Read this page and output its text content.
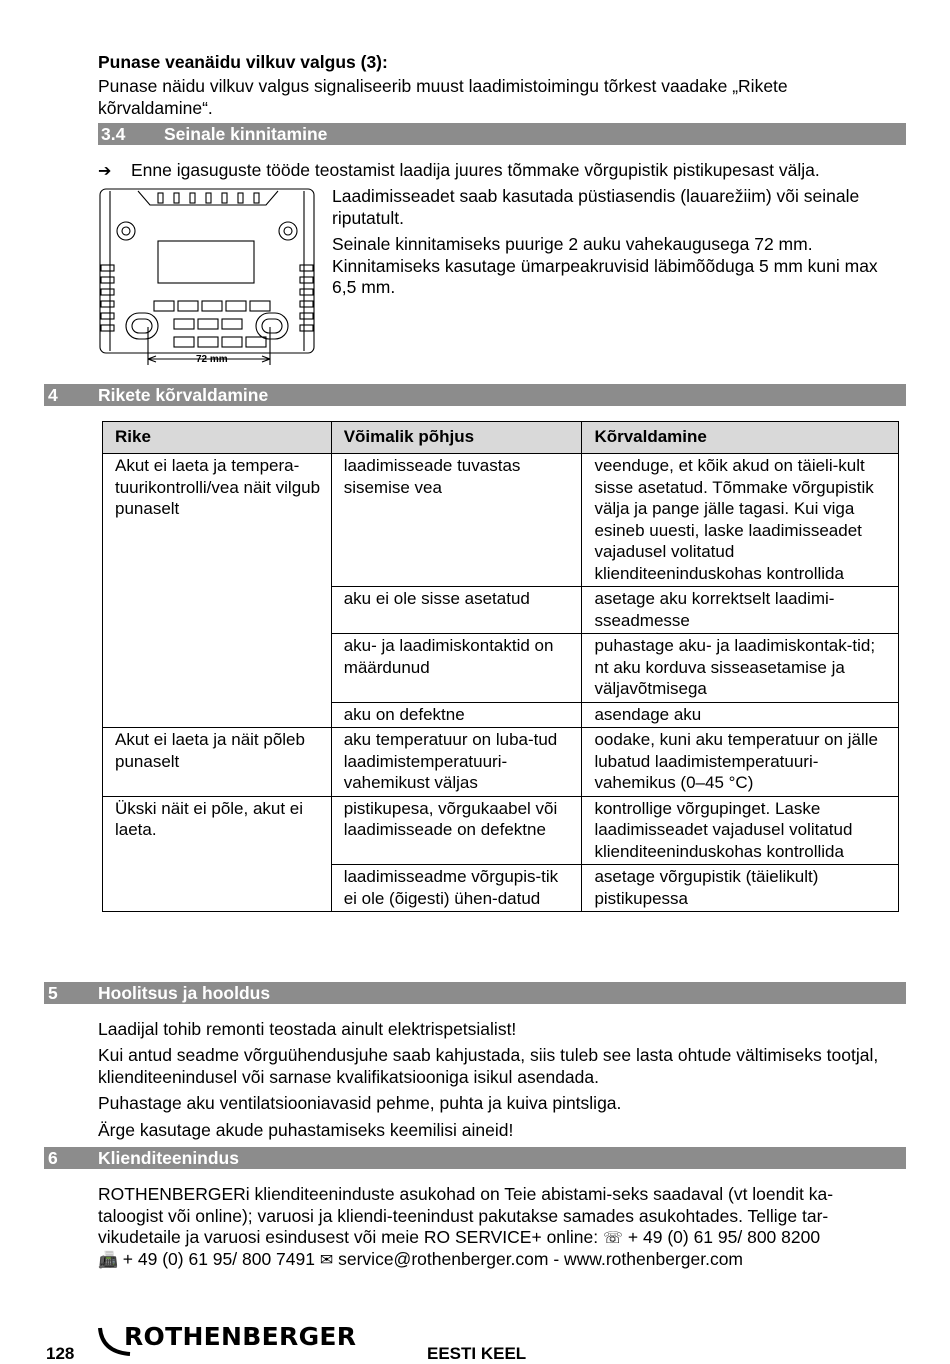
Punase veanäidu vilkuv valgus (3):
Punase näidu vilkuv valgus signaliseerib muust laadimistoimingu tõrkest vaadake „Rikete kõrvaldamine“.
3.4 Seinale kinnitamine
➔	Enne igasuguste tööde teostamist laadija juures tõmmake võrgupistik pistikupesast välja.
72 mm
Laadimisseadet saab kasutada püstiasendis (lauarežiim) või seinale riputatult.
Seinale kinnitamiseks puurige 2 auku vahekaugusega 72 mm. Kinnitamiseks kasutage ümarpeakruvisid läbimõõduga 5 mm kuni max 6,5 mm.
4 Rikete kõrvaldamine
Rike	Võimalik põhjus	Kõrvaldamine
Akut ei laeta ja tempera-tuurikontrolli/vea näit vilgub punaselt	laadimisseade tuvastas sisemise vea	veenduge, et kõik akud on täieli-kult sisse asetatud. Tõmmake võrgupistik välja ja pange jälle tagasi. Kui viga esineb uuesti, laske laadimisseadet vajadusel volitatud klienditeeninduskohas kontrollida
	aku ei ole sisse asetatud	asetage aku korrektselt laadimi-sseadmesse
	aku- ja laadimiskontaktid on määrdunud	puhastage aku- ja laadimiskontak-tid; nt aku korduva sisseasetamise ja väljavõtmisega
	aku on defektne	asendage aku
Akut ei laeta ja näit põleb punaselt	aku temperatuur on luba-tud laadimistemperatuuri-vahemikust väljas	oodake, kuni aku temperatuur on jälle lubatud laadimistemperatuuri-vahemikus (0–45 °C)
Ükski näit ei põle, akut ei laeta.	pistikupesa, võrgukaabel või laadimisseade on defektne	kontrollige võrgupinget. Laske laadimisseadet vajadusel volitatud klienditeeninduskohas kontrollida
	laadimisseadme võrgupis-tik ei ole (õigesti) ühen-datud	asetage võrgupistik (täielikult) pistikupessa
5 Hoolitsus ja hooldus
Laadijal tohib remonti teostada ainult elektrispetsialist!
Kui antud seadme võrguühendusjuhe saab kahjustada, siis tuleb see lasta ohtude vältimiseks tootjal, klienditeenindusel või sarnase kvalifikatsiooniga isikul asendada.
Puhastage aku ventilatsiooniavasid pehme, puhta ja kuiva pintsliga.
Ärge kasutage akude puhastamiseks keemilisi aineid!
6 Klienditeenindus
ROTHENBERGERi klienditeeninduste asukohad on Teie abistami-seks saadaval (vt loendit ka-taloogist või online); varuosi ja kliendi-teenindust pakutakse samades asukohtades. Tellige tar-vikudetaile ja varuosi esindusest või meie RO SERVICE+ online: ☏ + 49 (0) 61 95/ 800 8200
📠 + 49 (0) 61 95/ 800 7491 ✉ service@rothenberger.com - www.rothenberger.com
128
ROTHENBERGER
EESTI KEEL
